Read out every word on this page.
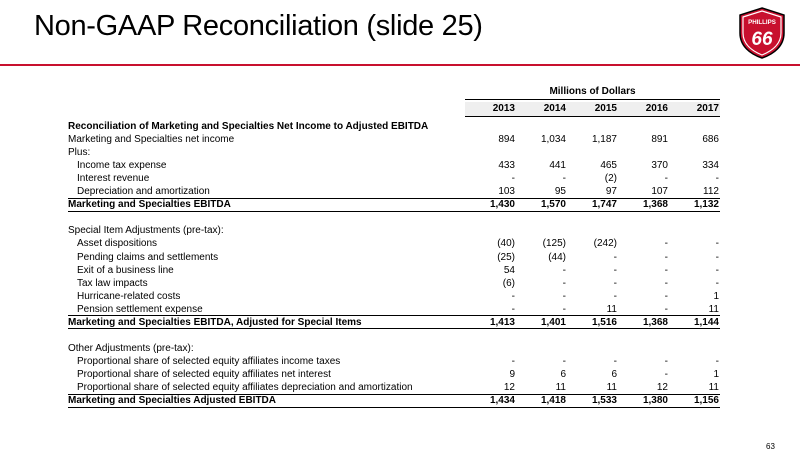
Non-GAAP Reconciliation (slide 25)	PHILLIPS
66
Millions of Dollars
2013	2014	2015	2016	2017
Reconciliation of Marketing and Specialties Net Income to Adjusted EBITDA
Marketing and Specialties net income	894	1,034	1,187	891	686
Plus:
Income tax expense	433	441	465	370	334
Interest revenue	-	-	(2)	-	-
Depreciation and amortization	103	95	97	107	112
Marketing and Specialties EBITDA	1,430	1,570	1,747	1,368	1,132
Special Item Adjustments (pre-tax):
Asset dispositions	(40)	(125)	(242)	-	-
Pending claims and settlements	(25)	(44)	-	-	-
Exit of a business line	54	-	-	-	-
Tax law impacts	(6)	-	-	-	-
Hurricane-related costs	-	-	-	-	1
Pension settlement expense	-	-	11	-	11
Marketing and Specialties EBITDA, Adjusted for Special Items	1,413	1,401	1,516	1,368	1,144
Other Adjustments (pre-tax):
Proportional share of selected equity affiliates income taxes	-	-	-	-	-
Proportional share of selected equity affiliates net interest	9	6	6	-	1
Proportional share of selected equity affiliates depreciation and amortization	12	11	11	12	11
Marketing and Specialties Adjusted EBITDA	1,434	1,418	1,533	1,380	1,156
63
